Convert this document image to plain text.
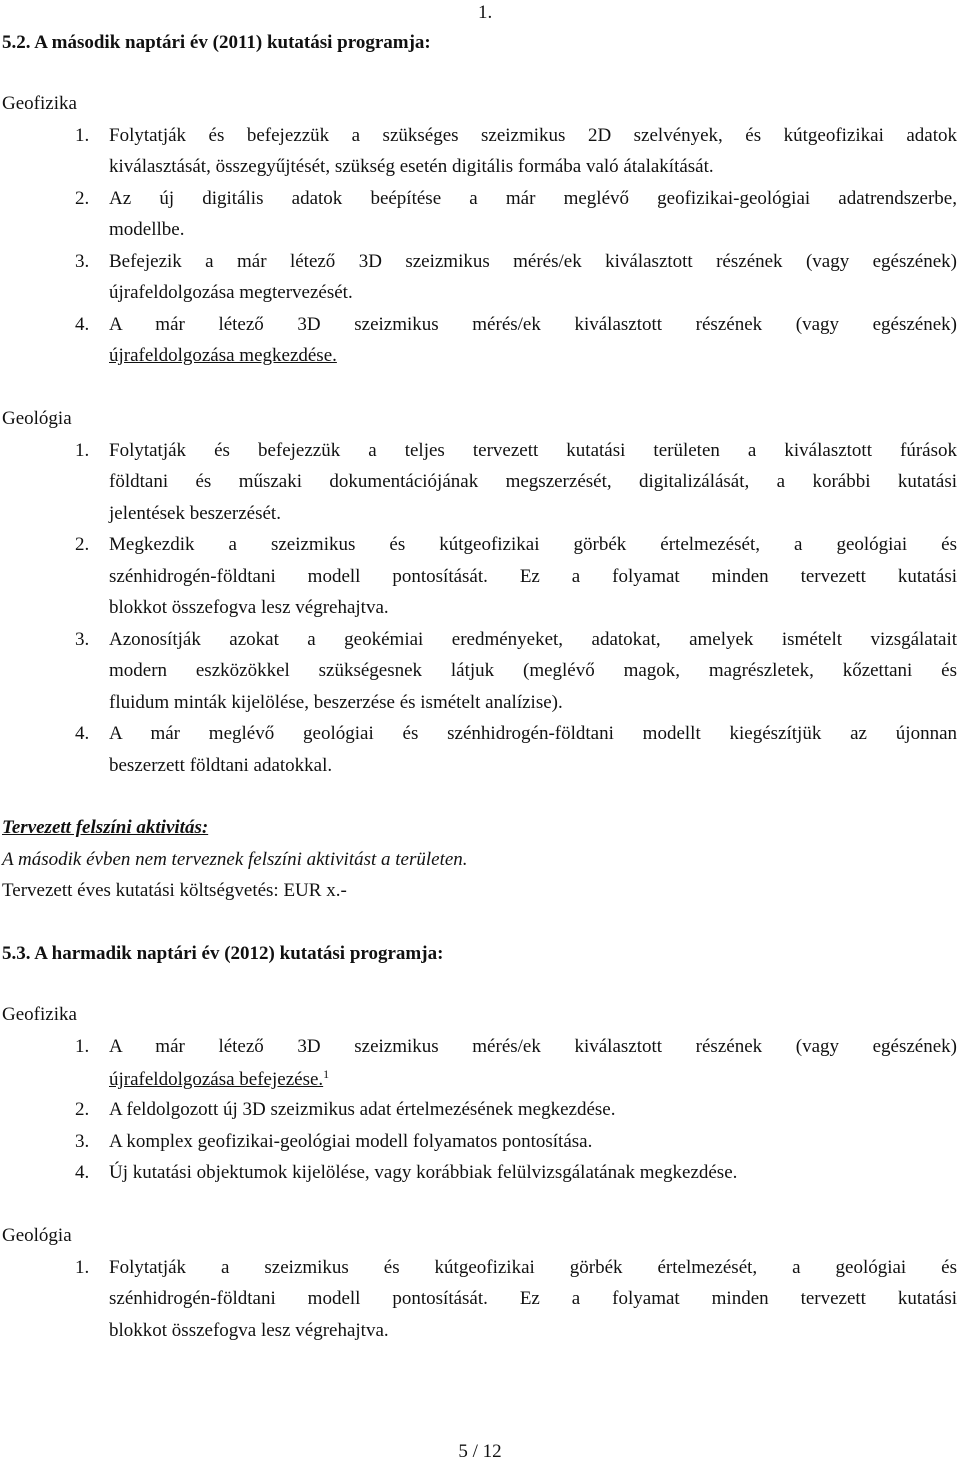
1.
5.2. A második naptári év (2011) kutatási programja:
Geofizika
1. Folytatják és befejezzük a szükséges szeizmikus 2D szelvények, és kútgeofizikai adatok
kiválasztását, összegyűjtését, szükség esetén digitális formába való átalakítását.
2. Az új digitális adatok beépítése a már meglévő geofizikai-geológiai adatrendszerbe,
modellbe.
3. Befejezik a már létező 3D szeizmikus mérés/ek kiválasztott részének (vagy egészének)
újrafeldolgozása megtervezését.
4. A már létező 3D szeizmikus mérés/ek kiválasztott részének (vagy egészének)
újrafeldolgozása megkezdése.
Geológia
1. Folytatják és befejezzük a teljes tervezett kutatási területen a kiválasztott fúrások
földtani és műszaki dokumentációjának megszerzését, digitalizálását, a korábbi kutatási
jelentések beszerzését.
2. Megkezdik a szeizmikus és kútgeofizikai görbék értelmezését, a geológiai és
szénhidrogén-földtani modell pontosítását. Ez a folyamat minden tervezett kutatási
blokkot összefogva lesz végrehajtva.
3. Azonosítják azokat a geokémiai eredményeket, adatokat, amelyek ismételt vizsgálatait
modern eszközökkel szükségesnek látjuk (meglévő magok, magrészletek, kőzettani és
fluidum minták kijelölése, beszerzése és ismételt analízise).
4. A már meglévő geológiai és szénhidrogén-földtani modellt kiegészítjük az újonnan
beszerzett földtani adatokkal.
Tervezett felszíni aktivitás:
A második évben nem terveznek felszíni aktivitást a területen.
Tervezett éves kutatási költségvetés: EUR x.-
5.3. A harmadik naptári év (2012) kutatási programja:
Geofizika
1. A már létező 3D szeizmikus mérés/ek kiválasztott részének (vagy egészének)
újrafeldolgozása befejezése.$^1$
2. A feldolgozott új 3D szeizmikus adat értelmezésének megkezdése.
3. A komplex geofizikai-geológiai modell folyamatos pontosítása.
4. Új kutatási objektumok kijelölése, vagy korábbiak felülvizsgálatának megkezdése.
Geológia
1. Folytatják a szeizmikus és kútgeofizikai görbék értelmezését, a geológiai és
szénhidrogén-földtani modell pontosítását. Ez a folyamat minden tervezett kutatási
blokkot összefogva lesz végrehajtva.
5 / 12
